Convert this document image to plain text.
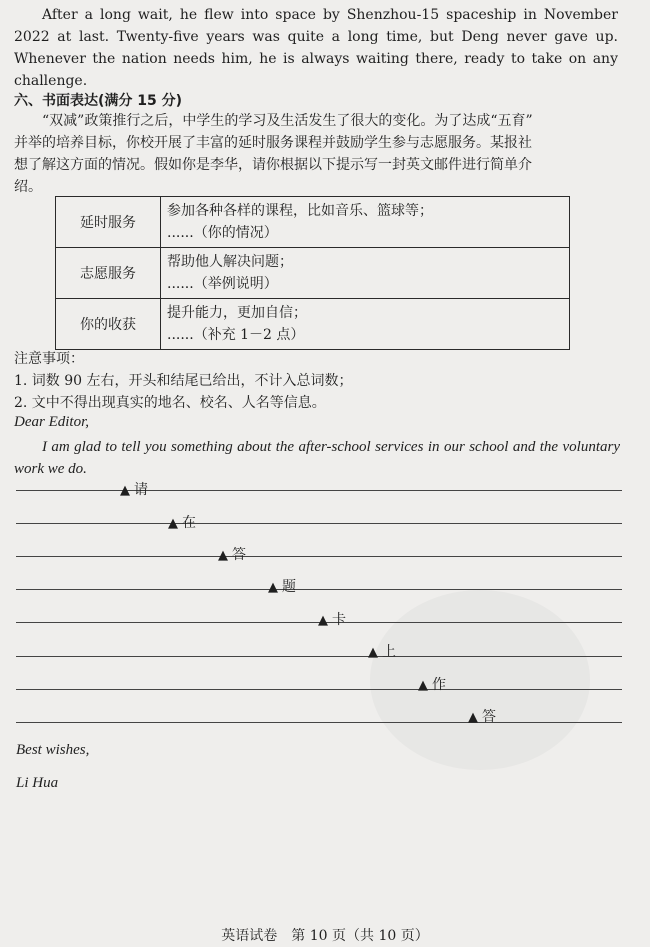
After a long wait, he flew into space by Shenzhou-15 spaceship in November 2022 at last. Twenty-five years was quite a long time, but Deng never gave up. Whenever the nation needs him, he is always waiting there, ready to take on any challenge.
六、书面表达(满分 15 分)
“双减”政策推行之后，中学生的学习及生活发生了很大的变化。为了达成“五育”
并举的培养目标，你校开展了丰富的延时服务课程并鼓励学生参与志愿服务。某报社
想了解这方面的情况。假如你是李华，请你根据以下提示写一封英文邮件进行简单介
绍。
延时服务	参加各种各样的课程，比如音乐、篮球等；
......（你的情况）

志愿服务	帮助他人解决问题；
......（举例说明）

你的收获	提升能力，更加自信；
......（补充 1－2 点）
注意事项：
1. 词数 90 左右，开头和结尾已给出，不计入总词数；
2. 文中不得出现真实的地名、校名、人名等信息。
Dear Editor,
I am glad to tell you something about the after-school services in our school and the voluntary work we do.
▲ 请
▲ 在
▲ 答
▲ 题
▲ 卡
▲ 上
▲ 作
▲ 答
Best wishes,
Li Hua
英语试卷　第 10 页（共 10 页）
